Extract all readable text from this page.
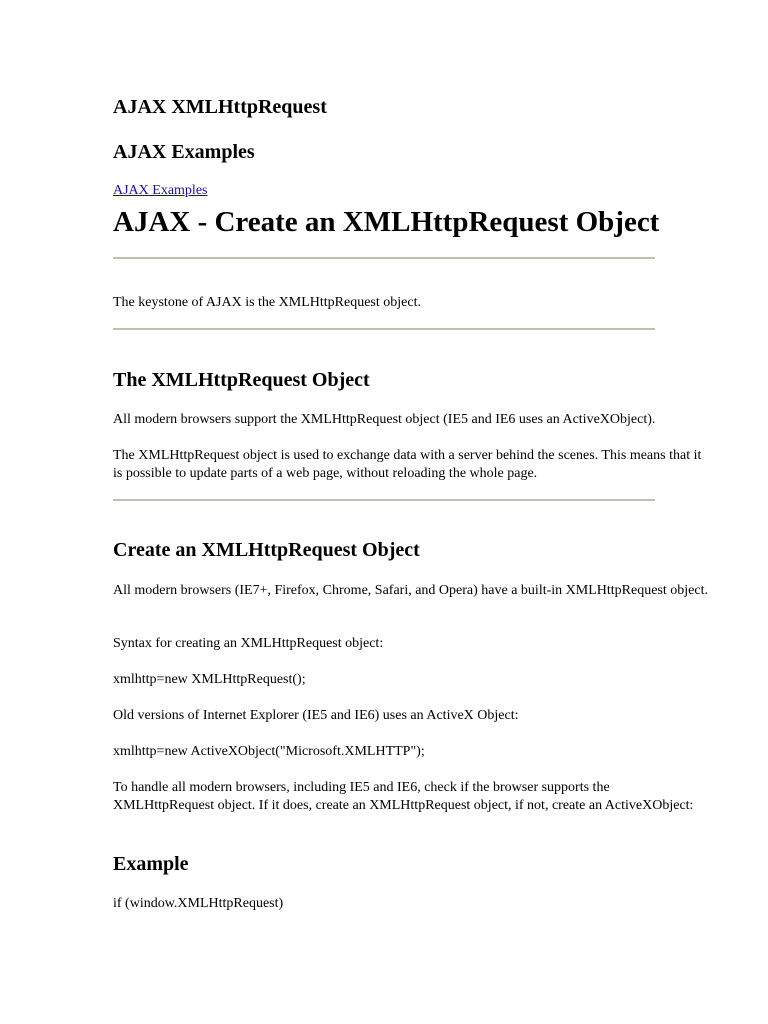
AJAX XMLHttpRequest
AJAX Examples
AJAX Examples
AJAX - Create an XMLHttpRequest Object

The keystone of AJAX is the XMLHttpRequest object.

The XMLHttpRequest Object

All modern browsers support the XMLHttpRequest object (IE5 and IE6 uses an ActiveXObject).

The XMLHttpRequest object is used to exchange data with a server behind the scenes. This means that it is possible to update parts of a web page, without reloading the whole page.

Create an XMLHttpRequest Object

All modern browsers (IE7+, Firefox, Chrome, Safari, and Opera) have a built-in XMLHttpRequest object.

Syntax for creating an XMLHttpRequest object:

xmlhttp=new XMLHttpRequest();

Old versions of Internet Explorer (IE5 and IE6) uses an ActiveX Object:

xmlhttp=new ActiveXObject("Microsoft.XMLHTTP");

To handle all modern browsers, including IE5 and IE6, check if the browser supports the XMLHttpRequest object. If it does, create an XMLHttpRequest object, if not, create an ActiveXObject:

Example

if (window.XMLHttpRequest)
